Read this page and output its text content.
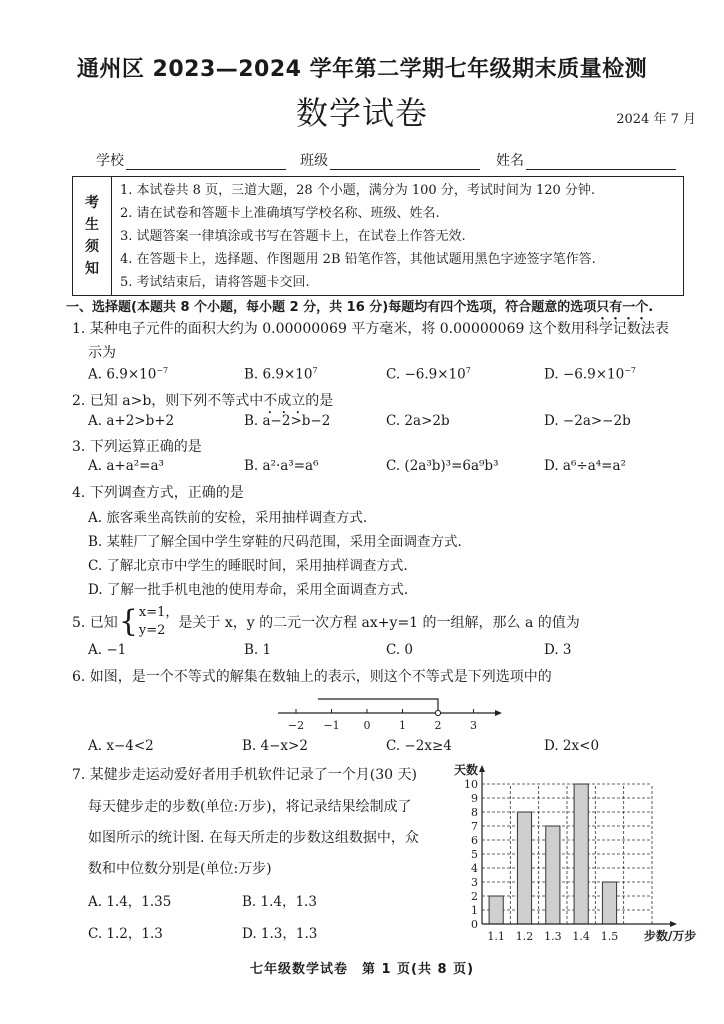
通州区 2023—2024 学年第二学期七年级期末质量检测
数学试卷	2024 年 7 月
学校	班级	姓名
考
生
须
知
1. 本试卷共 8 页，三道大题，28 个小题，满分为 100 分，考试时间为 120 分钟.
2. 请在试卷和答题卡上准确填写学校名称、班级、姓名.
3. 试题答案一律填涂或书写在答题卡上，在试卷上作答无效.
4. 在答题卡上，选择题、作图题用 2B 铅笔作答，其他试题用黑色字迹签字笔作答.
5. 考试结束后，请将答题卡交回.
一、选择题(本题共 8 个小题，每小题 2 分，共 16 分)每题均有四个选项，符合题意的选项只有一个.
1. 某种电子元件的面积大约为 0.00000069 平方毫米，将 0.00000069 这个数用科学记数法表
示为
A. $6.9\times 10^{-7}$	B. $6.9\times 10^7$	C. $-6.9\times 10^7$	D. $-6.9\times 10^{-7}$
2. 已知 a>b，则下列不等式中不成立的是
A. a+2>b+2	B. a−2>b−2	C. 2a>2b	D. −2a>−2b
3. 下列运算正确的是
A. a+a²=a³	B. a²·a³=a⁶	C. (2a³b)³=6a⁹b³	D. a⁶÷a⁴=a²
4. 下列调查方式，正确的是
A. 旅客乘坐高铁前的安检，采用抽样调查方式.
B. 某鞋厂了解全国中学生穿鞋的尺码范围，采用全面调查方式.
C. 了解北京市中学生的睡眠时间，采用抽样调查方式.
D. 了解一批手机电池的使用寿命，采用全面调查方式.
5. 已知 { x=1，
y=2 是关于 x，y 的二元一次方程 ax+y=1 的一组解，那么 a 的值为
A. −1	B. 1	C. 0	D. 3
6. 如图，是一个不等式的解集在数轴上的表示，则这个不等式是下列选项中的
−2 −1 0	1	2	3
A. x−4<2	B. 4−x>2	C. −2x≥4	D. 2x<0
7. 某健步走运动爱好者用手机软件记录了一个月(30 天)
每天健步走的步数(单位:万步)，将记录结果绘制成了
如图所示的统计图. 在每天所走的步数这组数据中，众
数和中位数分别是(单位:万步)
A. 1.4，1.35	B. 1.4，1.3
C. 1.2，1.3	D. 1.3，1.3	1.1 1.2 1.3 1.4 1.5
0
1
2
3
4
5
6
7
8
9
10
天数
步数/万步
七年级数学试卷　第 1 页(共 8 页)
